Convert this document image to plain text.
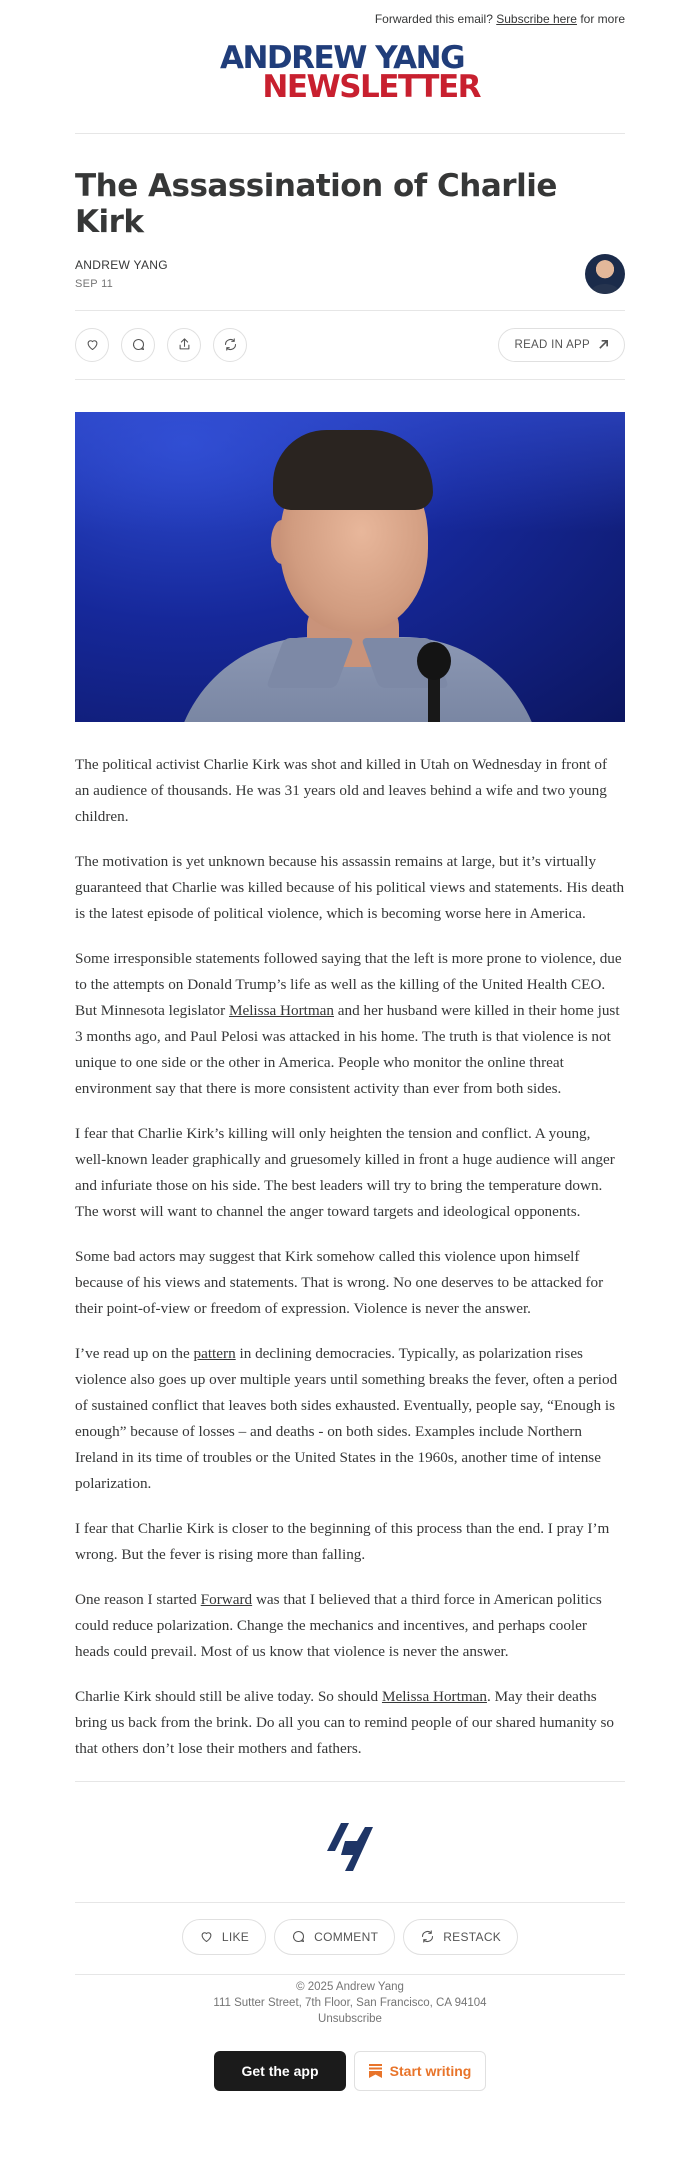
Forwarded this email? Subscribe here for more
ANDREW YANG
NEWSLETTER
The Assassination of Charlie Kirk
ANDREW YANG
SEP 11
READ IN APP

The political activist Charlie Kirk was shot and killed in Utah on Wednesday in front of an audience of thousands. He was 31 years old and leaves behind a wife and two young children.

The motivation is yet unknown because his assassin remains at large, but it’s virtually guaranteed that Charlie was killed because of his political views and statements. His death is the latest episode of political violence, which is becoming worse here in America.

Some irresponsible statements followed saying that the left is more prone to violence, due to the attempts on Donald Trump’s life as well as the killing of the United Health CEO. But Minnesota legislator Melissa Hortman and her husband were killed in their home just 3 months ago, and Paul Pelosi was attacked in his home. The truth is that violence is not unique to one side or the other in America. People who monitor the online threat environment say that there is more consistent activity than ever from both sides.

I fear that Charlie Kirk’s killing will only heighten the tension and conflict. A young, well-known leader graphically and gruesomely killed in front a huge audience will anger and infuriate those on his side. The best leaders will try to bring the temperature down. The worst will want to channel the anger toward targets and ideological opponents.

Some bad actors may suggest that Kirk somehow called this violence upon himself because of his views and statements. That is wrong. No one deserves to be attacked for their point-of-view or freedom of expression. Violence is never the answer.

I’ve read up on the pattern in declining democracies. Typically, as polarization rises violence also goes up over multiple years until something breaks the fever, often a period of sustained conflict that leaves both sides exhausted. Eventually, people say, “Enough is enough” because of losses – and deaths - on both sides. Examples include Northern Ireland in its time of troubles or the United States in the 1960s, another time of intense polarization.

I fear that Charlie Kirk is closer to the beginning of this process than the end. I pray I’m wrong. But the fever is rising more than falling.

One reason I started Forward was that I believed that a third force in American politics could reduce polarization. Change the mechanics and incentives, and perhaps cooler heads could prevail. Most of us know that violence is never the answer.

Charlie Kirk should still be alive today. So should Melissa Hortman. May their deaths bring us back from the brink. Do all you can to remind people of our shared humanity so that others don’t lose their mothers and fathers.

LIKE	COMMENT	RESTACK
© 2025 Andrew Yang
111 Sutter Street, 7th Floor, San Francisco, CA 94104
Unsubscribe
Get the app	Start writing
